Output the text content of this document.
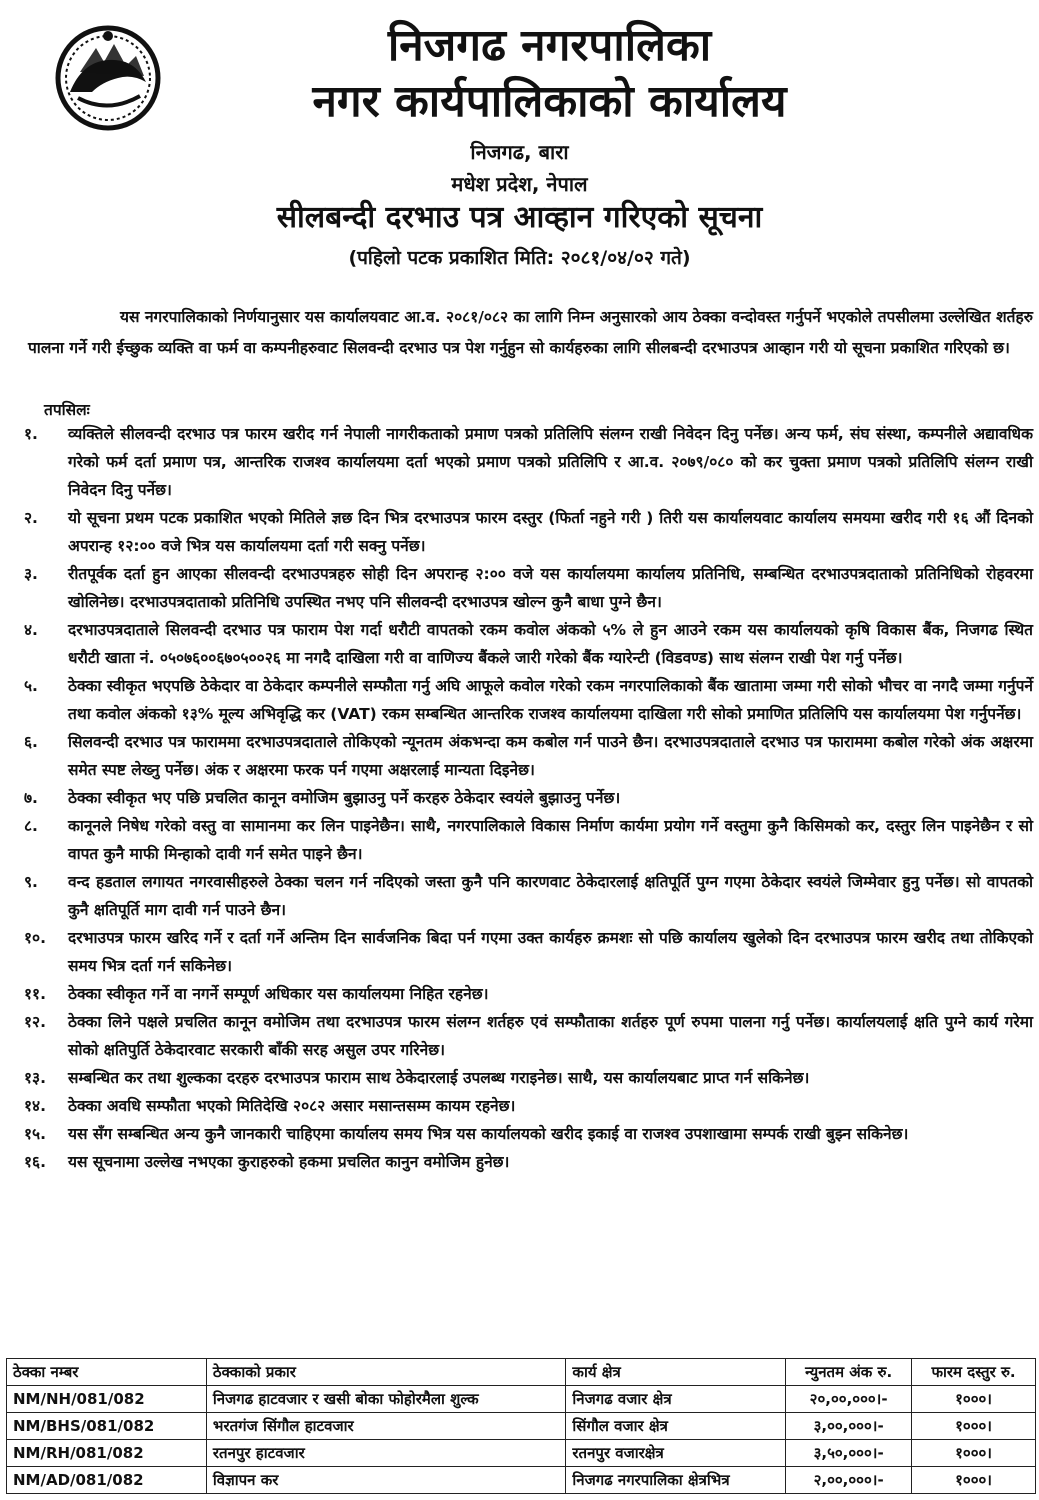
निजगढ नगरपालिका
नगर कार्यपालिकाको कार्यालय
निजगढ, बारा
मधेश प्रदेश, नेपाल
सीलबन्दी दरभाउ पत्र आव्हान गरिएको सूचना
(पहिलो पटक प्रकाशित मिति: २०८१/०४/०२ गते)
यस नगरपालिकाको निर्णयानुसार यस कार्यालयवाट आ.व. २०८१/०८२ का लागि निम्न अनुसारको आय ठेक्का वन्दोवस्त गर्नुपर्ने भएकोले तपसीलमा उल्लेखित शर्तहरु पालना गर्ने गरी ईच्छुक व्यक्ति वा फर्म वा कम्पनीहरुवाट सिलवन्दी दरभाउ पत्र पेश गर्नुहुन सो कार्यहरुका लागि सीलबन्दी दरभाउपत्र आव्हान गरी यो सूचना प्रकाशित गरिएको छ।
तपसिलः
१.	व्यक्तिले सीलवन्दी दरभाउ पत्र फारम खरीद गर्न नेपाली नागरीकताको प्रमाण पत्रको प्रतिलिपि संलग्न राखी निवेदन दिनु पर्नेछ। अन्य फर्म, संघ संस्था, कम्पनीले अद्यावधिक गरेको फर्म दर्ता प्रमाण पत्र, आन्तरिक राजश्व कार्यालयमा दर्ता भएको प्रमाण पत्रको प्रतिलिपि र आ.व. २०७९/०८० को कर चुक्ता प्रमाण पत्रको प्रतिलिपि संलग्न राखी निवेदन दिनु पर्नेछ।
२.	यो सूचना प्रथम पटक प्रकाशित भएको मितिले ज्ञछ दिन भित्र दरभाउपत्र फारम दस्तुर (फिर्ता नहुने गरी ) तिरी यस कार्यालयवाट कार्यालय समयमा खरीद गरी १६ औं दिनको अपरान्ह १२:०० वजे भित्र यस कार्यालयमा दर्ता गरी सक्नु पर्नेछ।
३.	रीतपूर्वक दर्ता हुन आएका सीलवन्दी दरभाउपत्रहरु सोही दिन अपरान्ह २:०० वजे यस कार्यालयमा कार्यालय प्रतिनिधि, सम्बन्धित दरभाउपत्रदाताको प्रतिनिधिको रोहवरमा खोलिनेछ। दरभाउपत्रदाताको प्रतिनिधि उपस्थित नभए पनि सीलवन्दी दरभाउपत्र खोल्न कुनै बाधा पुग्ने छैन।
४.	दरभाउपत्रदाताले सिलवन्दी दरभाउ पत्र फाराम पेश गर्दा धरौटी वापतको रकम कवोल अंकको ५% ले हुन आउने रकम यस कार्यालयको कृषि विकास बैंक, निजगढ स्थित धरौटी खाता नं. ०५०७६००६७०५००२६ मा नगदै दाखिला गरी वा वाणिज्य बैंकले जारी गरेको बैंक ग्यारेन्टी (विडवण्ड) साथ संलग्न राखी पेश गर्नु पर्नेछ।
५.	ठेक्का स्वीकृत भएपछि ठेकेदार वा ठेकेदार कम्पनीले सम्फौता गर्नु अघि आफूले कवोल गरेको रकम नगरपालिकाको बैंक खातामा जम्मा गरी सोको भौचर वा नगदै जम्मा गर्नुपर्ने तथा कवोल अंकको १३% मूल्य अभिवृद्धि कर (VAT) रकम सम्बन्धित आन्तरिक राजश्व कार्यालयमा दाखिला गरी सोको प्रमाणित प्रतिलिपि यस कार्यालयमा पेश गर्नुपर्नेछ।
६.	सिलवन्दी दरभाउ पत्र फाराममा दरभाउपत्रदाताले तोकिएको न्यूनतम अंकभन्दा कम कबोल गर्न पाउने छैन। दरभाउपत्रदाताले दरभाउ पत्र फाराममा कबोल गरेको अंक अक्षरमा समेत स्पष्ट लेख्नु पर्नेछ। अंक र अक्षरमा फरक पर्न गएमा अक्षरलाई मान्यता दिइनेछ।
७.	ठेक्का स्वीकृत भए पछि प्रचलित कानून वमोजिम बुझाउनु पर्ने करहरु ठेकेदार स्वयंले बुझाउनु पर्नेछ।
८.	कानूनले निषेध गरेको वस्तु वा सामानमा कर लिन पाइनेछैन। साथै, नगरपालिकाले विकास निर्माण कार्यमा प्रयोग गर्ने वस्तुमा कुनै किसिमको कर, दस्तुर लिन पाइनेछैन र सो वापत कुनै माफी मिन्हाको दावी गर्न समेत पाइने छैन।
९.	वन्द हडताल लगायत नगरवासीहरुले ठेक्का चलन गर्न नदिएको जस्ता कुनै पनि कारणवाट ठेकेदारलाई क्षतिपूर्ति पुग्न गएमा ठेकेदार स्वयंले जिम्मेवार हुनु पर्नेछ। सो वापतको कुनै क्षतिपूर्ति माग दावी गर्न पाउने छैन।
१०.	दरभाउपत्र फारम खरिद गर्ने र दर्ता गर्ने अन्तिम दिन सार्वजनिक बिदा पर्न गएमा उक्त कार्यहरु क्रमशः सो पछि कार्यालय खुलेको दिन दरभाउपत्र फारम खरीद तथा तोकिएको समय भित्र दर्ता गर्न सकिनेछ।
११.	ठेक्का स्वीकृत गर्ने वा नगर्ने सम्पूर्ण अधिकार यस कार्यालयमा निहित रहनेछ।
१२.	ठेक्का लिने पक्षले प्रचलित कानून वमोजिम तथा दरभाउपत्र फारम संलग्न शर्तहरु एवं सम्फौताका शर्तहरु पूर्ण रुपमा पालना गर्नु पर्नेछ। कार्यालयलाई क्षति पुग्ने कार्य गरेमा सोको क्षतिपुर्ति ठेकेदारवाट सरकारी बाँकी सरह असुल उपर गरिनेछ।
१३.	सम्बन्धित कर तथा शुल्कका दरहरु दरभाउपत्र फाराम साथ ठेकेदारलाई उपलब्ध गराइनेछ। साथै, यस कार्यालयबाट प्राप्त गर्न सकिनेछ।
१४.	ठेक्का अवधि सम्फौता भएको मितिदेखि २०८२ असार मसान्तसम्म कायम रहनेछ।
१५.	यस सँग सम्बन्धित अन्य कुनै जानकारी चाहिएमा कार्यालय समय भित्र यस कार्यालयको खरीद इकाई वा राजश्व उपशाखामा सम्पर्क राखी बुझ्न सकिनेछ।
१६.	यस सूचनामा उल्लेख नभएका कुराहरुको हकमा प्रचलित कानुन वमोजिम हुनेछ।
ठेक्का नम्बर	ठेक्काको प्रकार	कार्य क्षेत्र	न्युनतम अंक रु.	फारम दस्तुर रु.
NM/NH/081/082	निजगढ हाटवजार र खसी बोका फोहोरमैला शुल्क	निजगढ वजार क्षेत्र	२०,००,०००।-	१०००।
NM/BHS/081/082	भरतगंज सिंगौल हाटवजार	सिंगौल वजार क्षेत्र	३,००,०००।-	१०००।
NM/RH/081/082	रतनपुर हाटवजार	रतनपुर वजारक्षेत्र	३,५०,०००।-	१०००।
NM/AD/081/082	विज्ञापन कर	निजगढ नगरपालिका क्षेत्रभित्र	२,००,०००।-	१०००।
